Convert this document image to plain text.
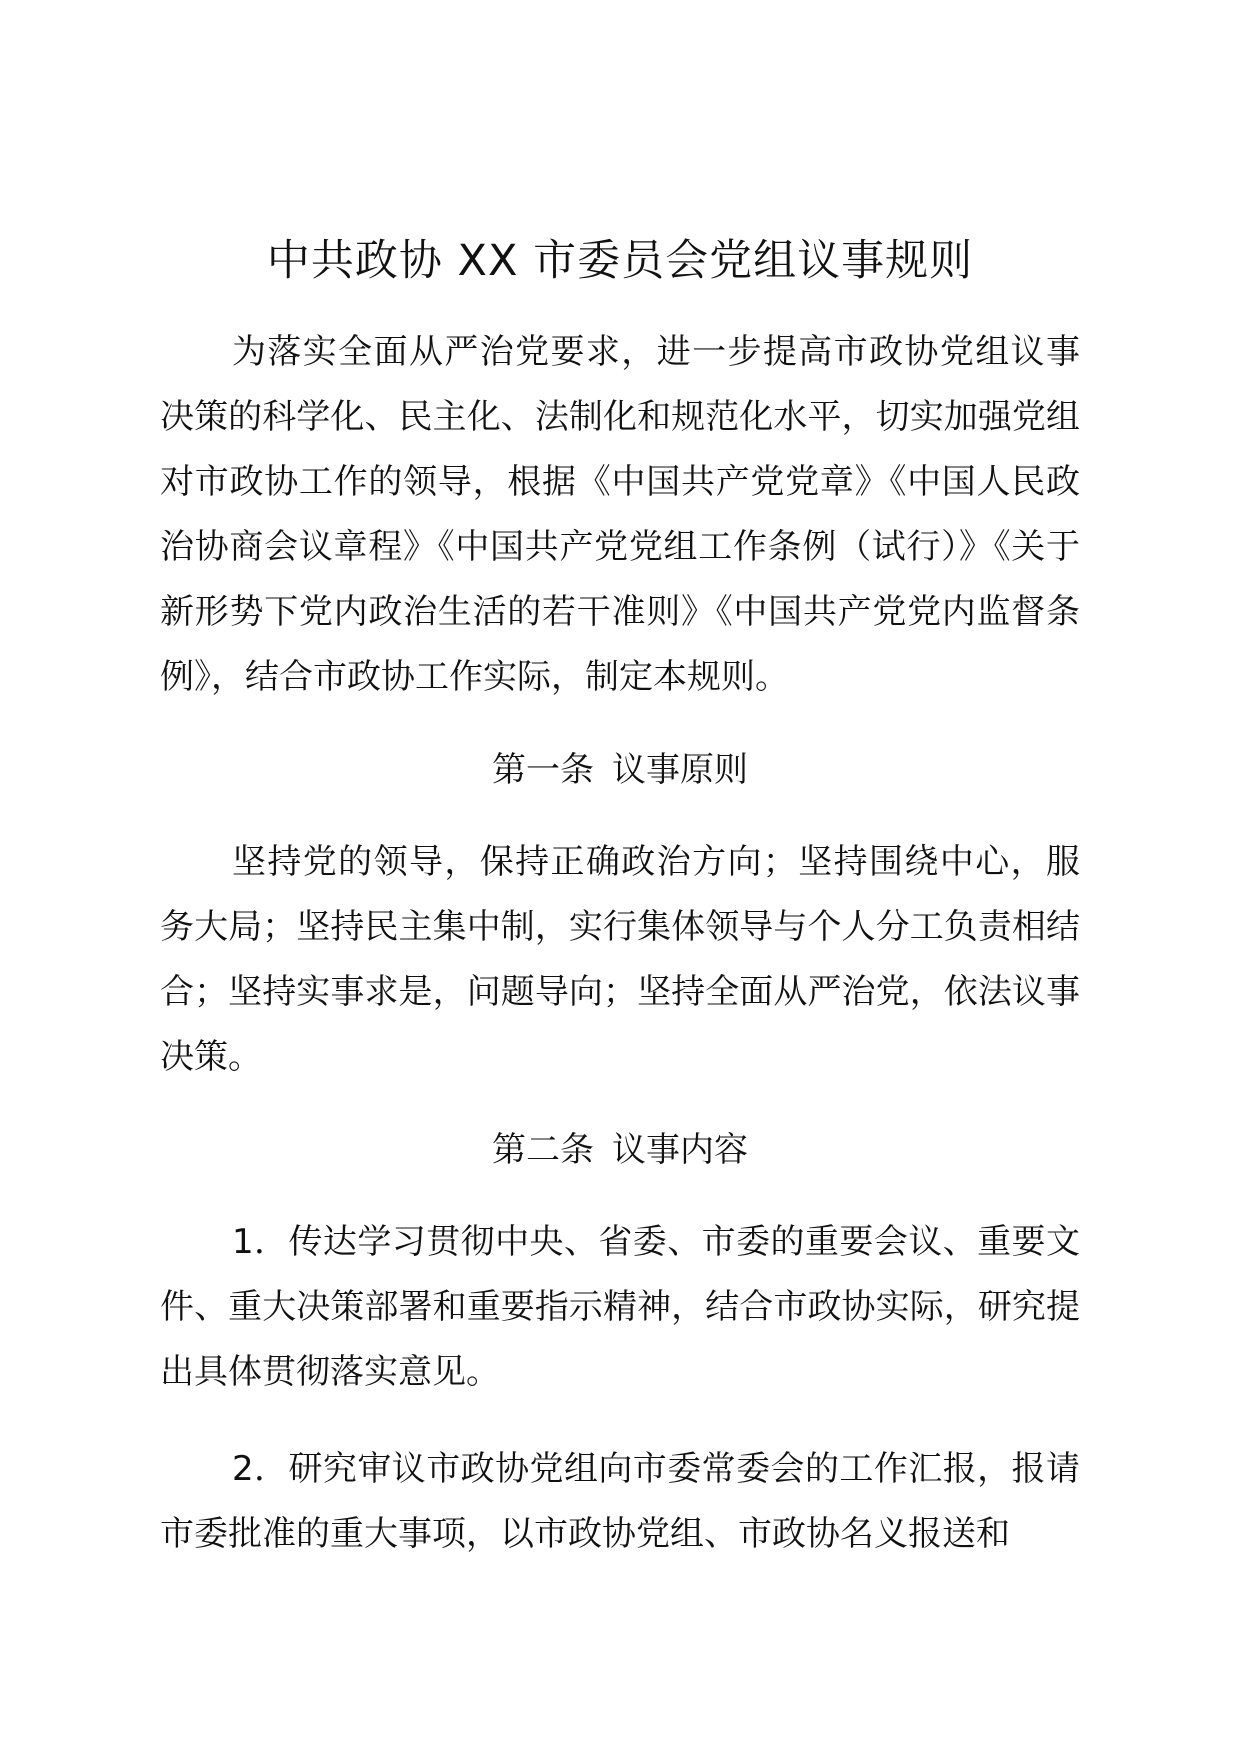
中共政协 XX 市委员会党组议事规则

为落实全面从严治党要求，进一步提高市政协党组议事决策的科学化、民主化、法制化和规范化水平，切实加强党组对市政协工作的领导，根据《中国共产党党章》《中国人民政治协商会议章程》《中国共产党党组工作条例（试行）》《关于新形势下党内政治生活的若干准则》《中国共产党党内监督条例》，结合市政协工作实际，制定本规则。

第一条 议事原则

坚持党的领导，保持正确政治方向；坚持围绕中心，服务大局；坚持民主集中制，实行集体领导与个人分工负责相结合；坚持实事求是，问题导向；坚持全面从严治党，依法议事决策。

第二条 议事内容

1．传达学习贯彻中央、省委、市委的重要会议、重要文件、重大决策部署和重要指示精神，结合市政协实际，研究提出具体贯彻落实意见。

2．研究审议市政协党组向市委常委会的工作汇报，报请市委批准的重大事项，以市政协党组、市政协名义报送和
